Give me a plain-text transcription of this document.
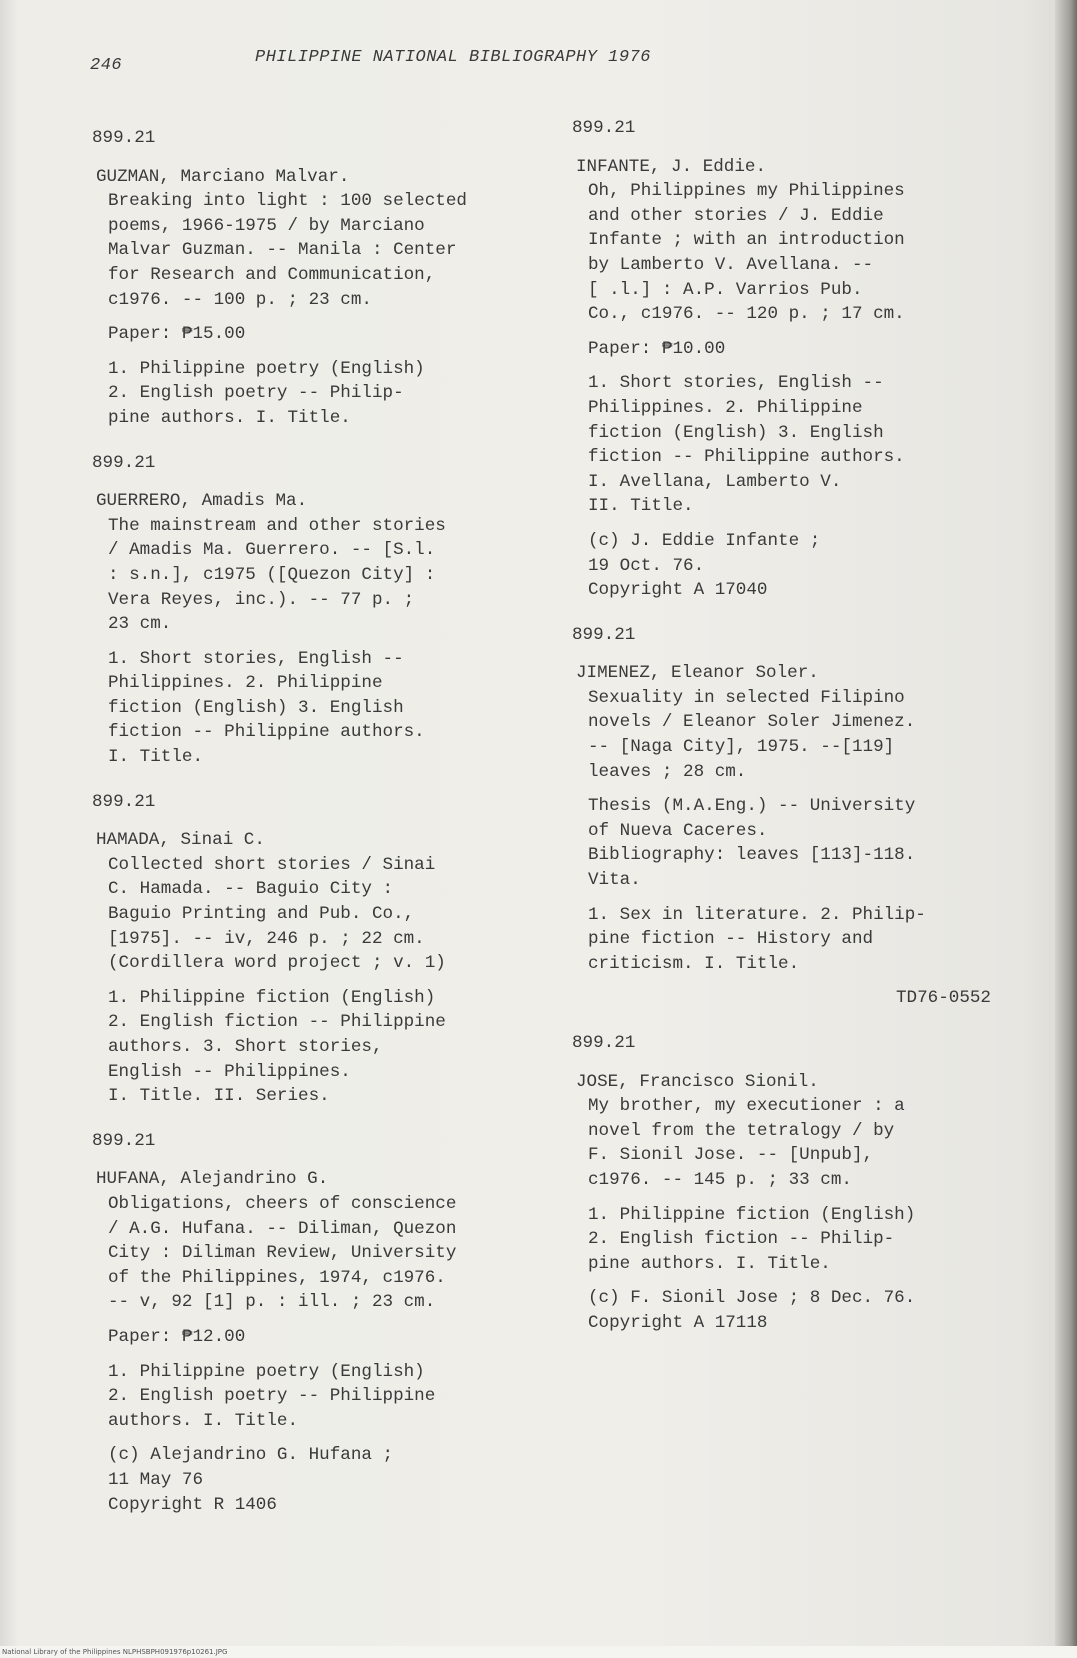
246	PHILIPPINE NATIONAL BIBLIOGRAPHY 1976
899.21
GUZMAN, Marciano Malvar.
Breaking into light : 100 selected
poems, 1966-1975 / by Marciano
Malvar Guzman. -- Manila : Center
for Research and Communication,
c1976. -- 100 p. ; 23 cm.
Paper: ₱15.00
1. Philippine poetry (English)
2. English poetry -- Philip-
pine authors. I. Title.
899.21
GUERRERO, Amadis Ma.
The mainstream and other stories
/ Amadis Ma. Guerrero. -- [S.l.
: s.n.], c1975 ([Quezon City] :
Vera Reyes, inc.). -- 77 p. ;
23 cm.
1. Short stories, English --
Philippines. 2. Philippine
fiction (English) 3. English
fiction -- Philippine authors.
I. Title.
899.21
HAMADA, Sinai C.
Collected short stories / Sinai
C. Hamada. -- Baguio City :
Baguio Printing and Pub. Co.,
[1975]. -- iv, 246 p. ; 22 cm.
(Cordillera word project ; v. 1)
1. Philippine fiction (English)
2. English fiction -- Philippine
authors. 3. Short stories,
English -- Philippines.
I. Title. II. Series.
899.21
HUFANA, Alejandrino G.
Obligations, cheers of conscience
/ A.G. Hufana. -- Diliman, Quezon
City : Diliman Review, University
of the Philippines, 1974, c1976.
-- v, 92 [1] p. : ill. ; 23 cm.
Paper: ₱12.00
1. Philippine poetry (English)
2. English poetry -- Philippine
authors. I. Title.
(c) Alejandrino G. Hufana ;
11 May 76
Copyright R 1406
899.21
INFANTE, J. Eddie.
Oh, Philippines my Philippines
and other stories / J. Eddie
Infante ; with an introduction
by Lamberto V. Avellana. --
[ .l.] : A.P. Varrios Pub.
Co., c1976. -- 120 p. ; 17 cm.
Paper: ₱10.00
1. Short stories, English --
Philippines. 2. Philippine
fiction (English) 3. English
fiction -- Philippine authors.
I. Avellana, Lamberto V.
II. Title.
(c) J. Eddie Infante ;
19 Oct. 76.
Copyright A 17040
899.21
JIMENEZ, Eleanor Soler.
Sexuality in selected Filipino
novels / Eleanor Soler Jimenez.
-- [Naga City], 1975. --[119]
leaves ; 28 cm.
Thesis (M.A.Eng.) -- University
of Nueva Caceres.
Bibliography: leaves [113]-118.
Vita.
1. Sex in literature. 2. Philip-
pine fiction -- History and
criticism. I. Title.
TD76-0552
899.21
JOSE, Francisco Sionil.
My brother, my executioner : a
novel from the tetralogy / by
F. Sionil Jose. -- [Unpub],
c1976. -- 145 p. ; 33 cm.
1. Philippine fiction (English)
2. English fiction -- Philip-
pine authors. I. Title.
(c) F. Sionil Jose ; 8 Dec. 76.
Copyright A 17118
National Library of the Philippines NLPHSBPH091976p10261.JPG
